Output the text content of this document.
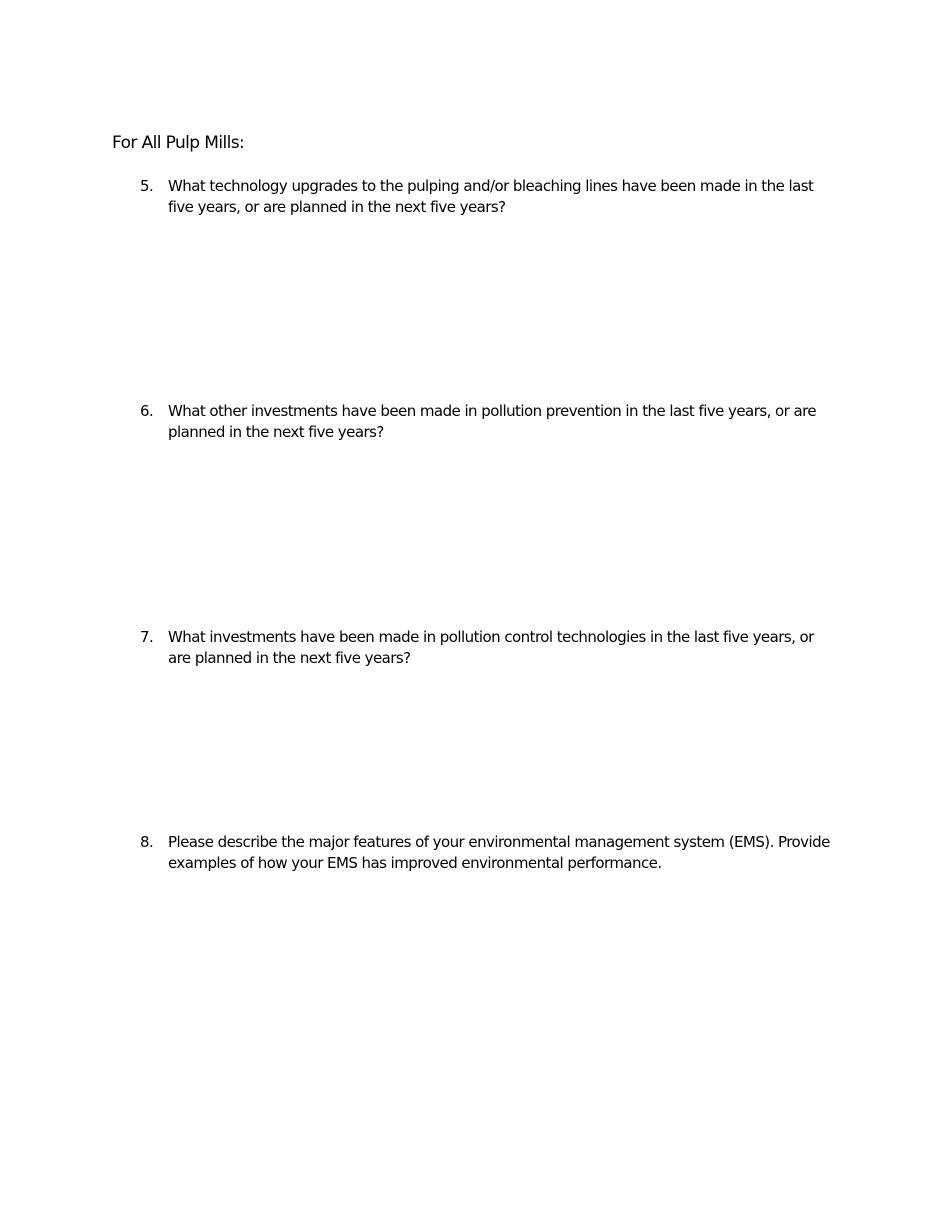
For All Pulp Mills:
5. What technology upgrades to the pulping and/or bleaching lines have been made in the last five years, or are planned in the next five years?
6. What other investments have been made in pollution prevention in the last five years, or are planned in the next five years?
7. What investments have been made in pollution control technologies in the last five years, or are planned in the next five years?
8. Please describe the major features of your environmental management system (EMS). Provide examples of how your EMS has improved environmental performance.
